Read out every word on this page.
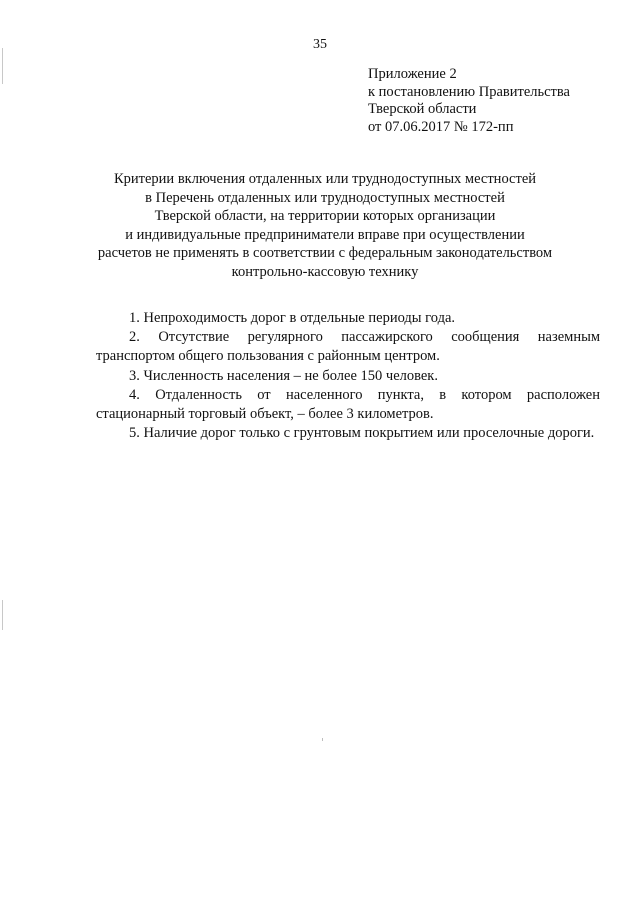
35
Приложение 2
к постановлению Правительства
Тверской области
от 07.06.2017 № 172-пп
Критерии включения отдаленных или труднодоступных местностей
в Перечень отдаленных или труднодоступных местностей
Тверской области, на территории которых организации
и индивидуальные предприниматели вправе при осуществлении
расчетов не применять в соответствии с федеральным законодательством
контрольно-кассовую технику
1. Непроходимость дорог в отдельные периоды года.
2. Отсутствие регулярного пассажирского сообщения наземным транспортом общего пользования с районным центром.
3. Численность населения – не более 150 человек.
4. Отдаленность от населенного пункта, в котором расположен стационарный торговый объект, – более 3 километров.
5. Наличие дорог только с грунтовым покрытием или проселочные дороги.
